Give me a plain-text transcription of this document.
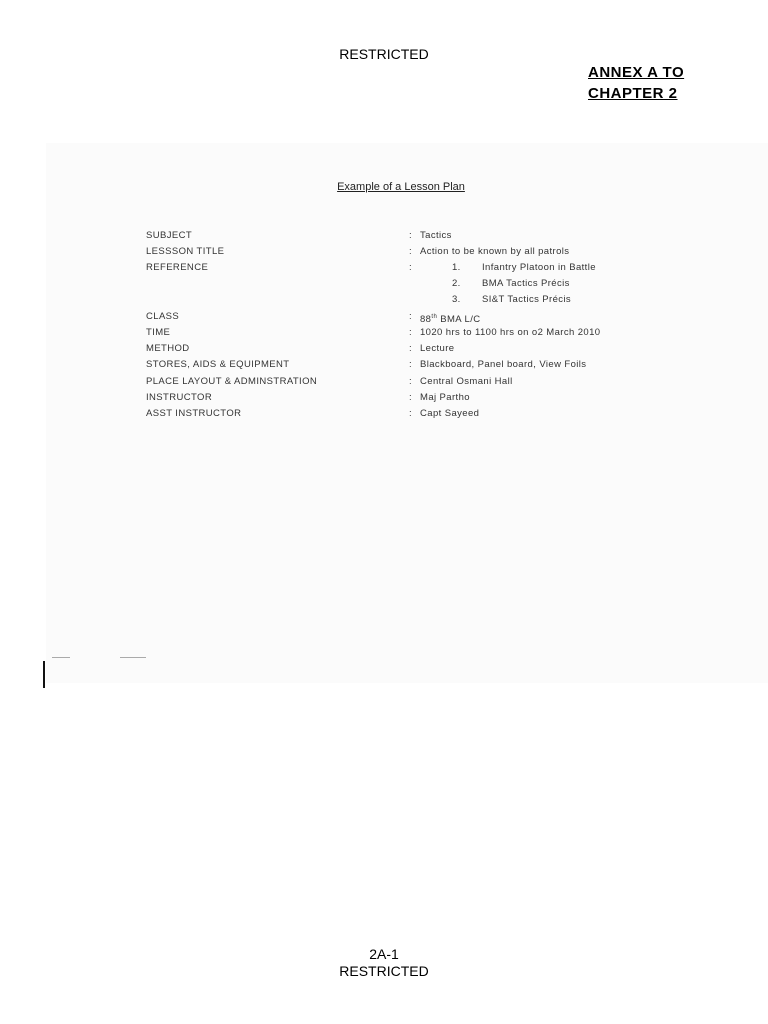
RESTRICTED
ANNEX A TO
CHAPTER 2
Example of a Lesson Plan
SUBJECT	: Tactics
LESSSON TITLE	: Action to be known by all patrols
REFERENCE	:	1. Infantry Platoon in Battle
2. BMA Tactics Précis
3. SI&T Tactics Précis
CLASS	: 88th BMA L/C
TIME	: 1020 hrs to 1100 hrs on o2 March 2010
METHOD	: Lecture
STORES, AIDS & EQUIPMENT	: Blackboard, Panel board, View Foils
PLACE LAYOUT & ADMINSTRATION	: Central Osmani Hall
INSTRUCTOR	: Maj Partho
ASST INSTRUCTOR	: Capt Sayeed
2A-1
RESTRICTED
